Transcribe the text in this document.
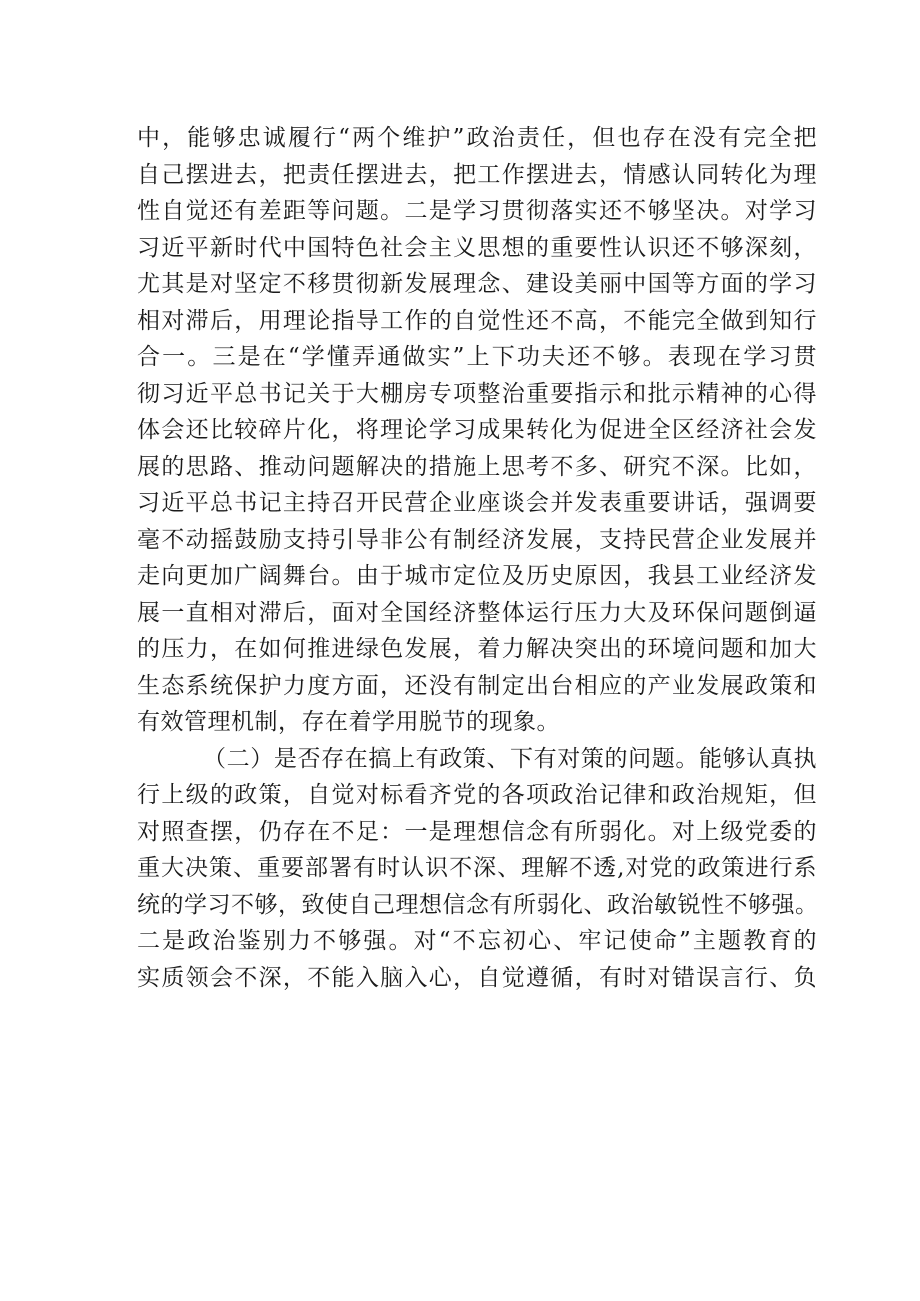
中，能够忠诚履行“两个维护”政治责任，但也存在没有完全把
自己摆进去，把责任摆进去，把工作摆进去，情感认同转化为理
性自觉还有差距等问题。二是学习贯彻落实还不够坚决。对学习
习近平新时代中国特色社会主义思想的重要性认识还不够深刻，
尤其是对坚定不移贯彻新发展理念、建设美丽中国等方面的学习
相对滞后，用理论指导工作的自觉性还不高，不能完全做到知行
合一。三是在“学懂弄通做实”上下功夫还不够。表现在学习贯
彻习近平总书记关于大棚房专项整治重要指示和批示精神的心得
体会还比较碎片化，将理论学习成果转化为促进全区经济社会发
展的思路、推动问题解决的措施上思考不多、研究不深。比如，
习近平总书记主持召开民营企业座谈会并发表重要讲话，强调要
毫不动摇鼓励支持引导非公有制经济发展，支持民营企业发展并
走向更加广阔舞台。由于城市定位及历史原因，我县工业经济发
展一直相对滞后，面对全国经济整体运行压力大及环保问题倒逼
的压力，在如何推进绿色发展，着力解决突出的环境问题和加大
生态系统保护力度方面，还没有制定出台相应的产业发展政策和
有效管理机制，存在着学用脱节的现象。
（二）是否存在搞上有政策、下有对策的问题。能够认真执
行上级的政策，自觉对标看齐党的各项政治记律和政治规矩，但
对照查摆，仍存在不足：一是理想信念有所弱化。对上级党委的
重大决策、重要部署有时认识不深、理解不透,对党的政策进行系
统的学习不够，致使自己理想信念有所弱化、政治敏锐性不够强。
二是政治鉴别力不够强。对“不忘初心、牢记使命”主题教育的
实质领会不深，不能入脑入心，自觉遵循，有时对错误言行、负
